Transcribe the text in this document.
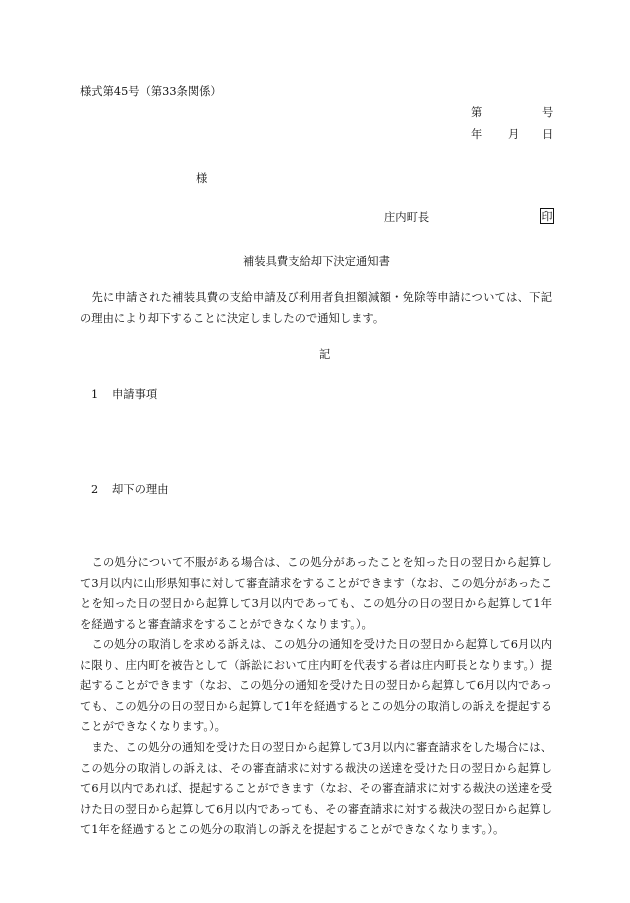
様式第45号（第33条関係）
第	号
年 月 日
様
庄内町長	印
補装具費支給却下決定通知書

先に申請された補装具費の支給申請及び利用者負担額減額・免除等申請については、下記の理由により却下することに決定しましたので通知します。

記
1 申請事項
2 却下の理由

この処分について不服がある場合は、この処分があったことを知った日の翌日から起算して3月以内に山形県知事に対して審査請求をすることができます（なお、この処分があったことを知った日の翌日から起算して3月以内であっても、この処分の日の翌日から起算して1年を経過すると審査請求をすることができなくなります。）。

この処分の取消しを求める訴えは、この処分の通知を受けた日の翌日から起算して6月以内に限り、庄内町を被告として（訴訟において庄内町を代表する者は庄内町長となります。）提起することができます（なお、この処分の通知を受けた日の翌日から起算して6月以内であっても、この処分の日の翌日から起算して1年を経過するとこの処分の取消しの訴えを提起することができなくなります。）。

また、この処分の通知を受けた日の翌日から起算して3月以内に審査請求をした場合には、この処分の取消しの訴えは、その審査請求に対する裁決の送達を受けた日の翌日から起算して6月以内であれば、提起することができます（なお、その審査請求に対する裁決の送達を受けた日の翌日から起算して6月以内であっても、その審査請求に対する裁決の翌日から起算して1年を経過するとこの処分の取消しの訴えを提起することができなくなります。）。
